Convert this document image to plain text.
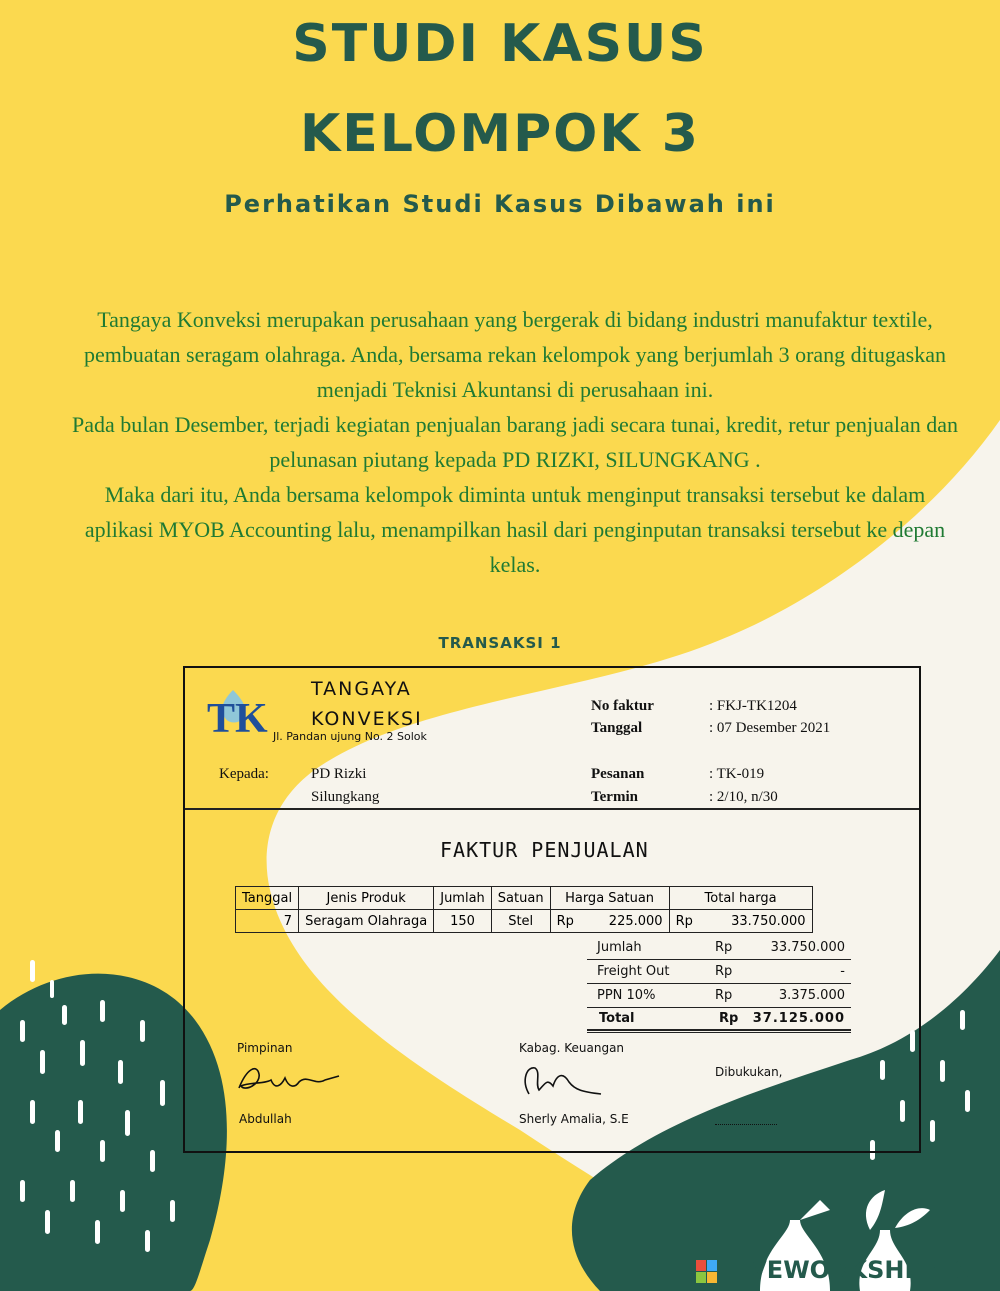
STUDI KASUS
KELOMPOK 3
Perhatikan Studi Kasus Dibawah ini

Tangaya Konveksi merupakan perusahaan yang bergerak di bidang industri manufaktur textile, pembuatan seragam olahraga. Anda, bersama rekan kelompok yang berjumlah 3 orang ditugaskan menjadi Teknisi Akuntansi di perusahaan ini.

Pada bulan Desember, terjadi kegiatan penjualan barang jadi secara tunai, kredit, retur penjualan dan pelunasan piutang kepada PD RIZKI, SILUNGKANG .

Maka dari itu, Anda bersama kelompok diminta untuk menginput transaksi tersebut ke dalam aplikasi MYOB Accounting lalu, menampilkan hasil dari penginputan transaksi tersebut ke depan kelas.

TRANSAKSI 1
TK
TANGAYA
KONVEKSI
Jl. Pandan ujung No. 2 Solok
No faktur	: FKJ-TK1204
Tanggal	: 07 Desember 2021
Kepada:	PD Rizki
Silungkang
Pesanan	: TK-019
Termin	: 2/10, n/30
FAKTUR PENJUALAN
Tanggal	Jenis Produk	Jumlah	Satuan	Harga Satuan	Total harga
7	Seragam Olahraga	150	Stel	Rp 225.000	Rp 33.750.000
Jumlah	Rp	33.750.000
Freight Out	Rp	-
PPN 10%	Rp	3.375.000
Total	Rp	37.125.000
Pimpinan
Abdullah
Kabag. Keuangan
Sherly Amalia, S.E
Dibukukan,
LIVEWORKSHEETS
